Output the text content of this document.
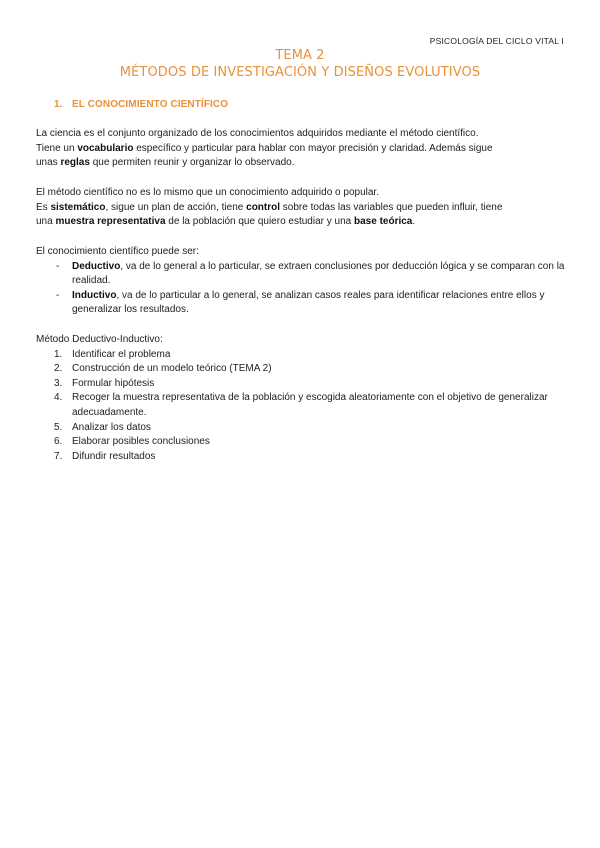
PSICOLOGÍA DEL CICLO VITAL I
TEMA 2
MÉTODOS DE INVESTIGACIÓN Y DISEÑOS EVOLUTIVOS
1. EL CONOCIMIENTO CIENTÍFICO

La ciencia es el conjunto organizado de los conocimientos adquiridos mediante el método científico.

Tiene un vocabulario específico y particular para hablar con mayor precisión y claridad. Además sigue

unas reglas que permiten reunir y organizar lo observado.

El método científico no es lo mismo que un conocimiento adquirido o popular.

Es sistemático, sigue un plan de acción, tiene control sobre todas las variables que pueden influir, tiene

una muestra representativa de la población que quiero estudiar y una base teórica.

El conocimiento científico puede ser:

- Deductivo, va de lo general a lo particular, se extraen conclusiones por deducción lógica y se comparan con la realidad.
- Inductivo, va de lo particular a lo general, se analizan casos reales para identificar relaciones entre ellos y generalizar los resultados.

Método Deductivo-Inductivo:

1. Identificar el problema
2. Construcción de un modelo teórico (TEMA 2)
3. Formular hipótesis
4. Recoger la muestra representativa de la población y escogida aleatoriamente con el objetivo de generalizar adecuadamente.
5. Analizar los datos
6. Elaborar posibles conclusiones
7. Difundir resultados
